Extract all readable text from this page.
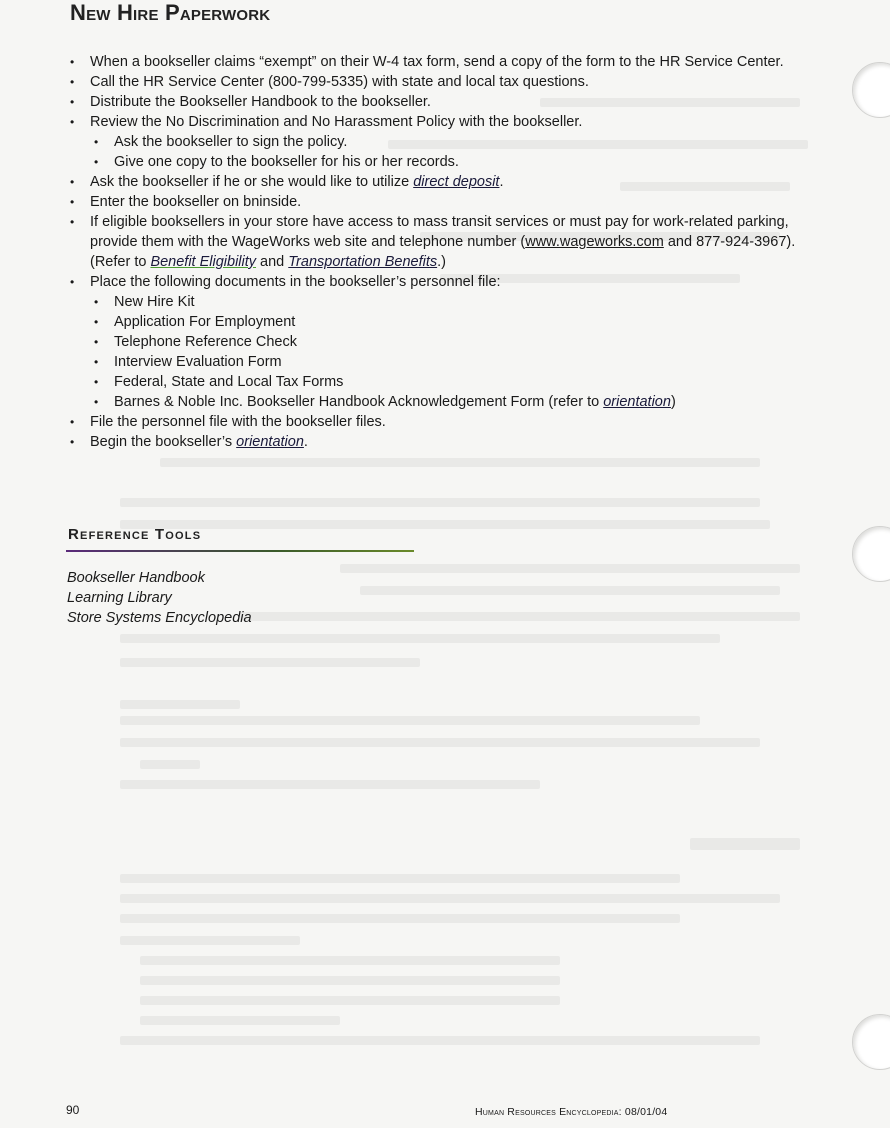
New Hire Paperwork
• When a bookseller claims “exempt” on their W-4 tax form, send a copy of the form to the HR Service Center.
• Call the HR Service Center (800-799-5335) with state and local tax questions.
• Distribute the Bookseller Handbook to the bookseller.
• Review the No Discrimination and No Harassment Policy with the bookseller.
• Ask the bookseller to sign the policy.
• Give one copy to the bookseller for his or her records.
• Ask the bookseller if he or she would like to utilize direct deposit.
• Enter the bookseller on bninside.
• If eligible booksellers in your store have access to mass transit services or must pay for work-related parking, provide them with the WageWorks web site and telephone number (www.wageworks.com and 877-924-3967). (Refer to Benefit Eligibility and Transportation Benefits.)
• Place the following documents in the bookseller’s personnel file:
• New Hire Kit
• Application For Employment
• Telephone Reference Check
• Interview Evaluation Form
• Federal, State and Local Tax Forms
• Barnes & Noble Inc. Bookseller Handbook Acknowledgement Form (refer to orientation)
• File the personnel file with the bookseller files.
• Begin the bookseller’s orientation.
Reference Tools
Bookseller Handbook
Learning Library
Store Systems Encyclopedia
90	Human Resources Encyclopedia: 08/01/04
